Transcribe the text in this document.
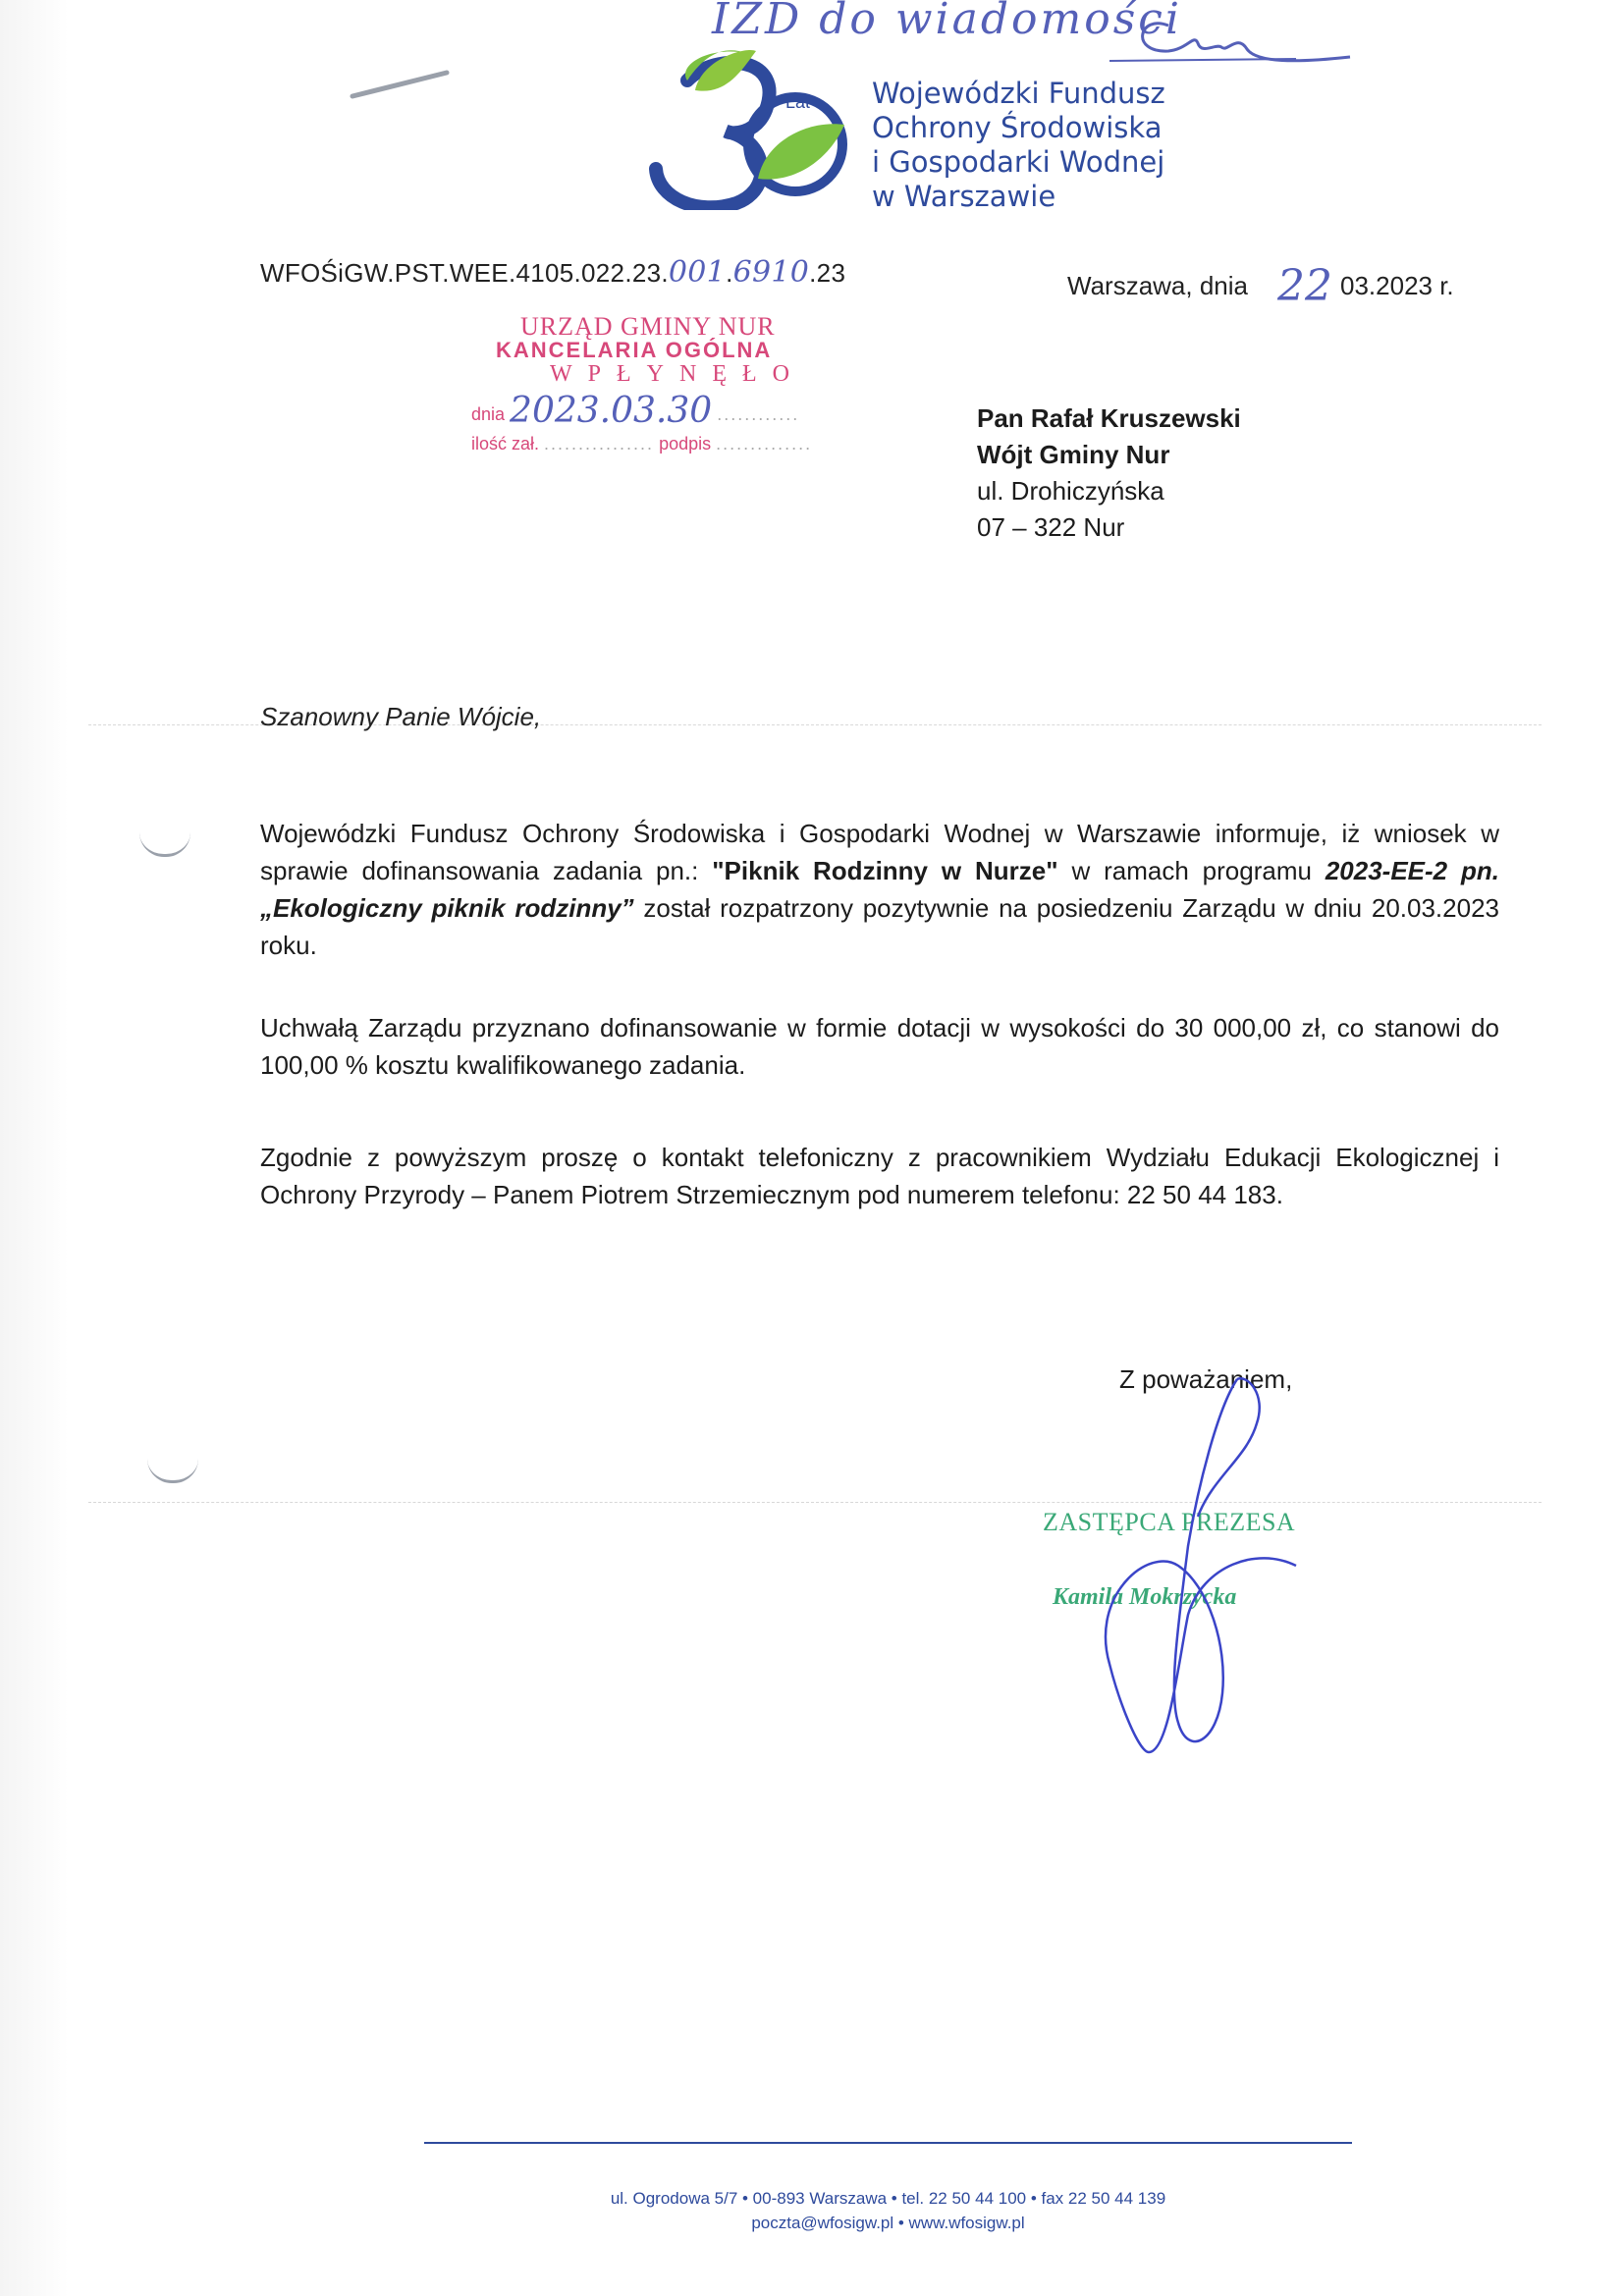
IZD do wiadomości
Lat Wojewódzki Fundusz
Ochrony Środowiska
i Gospodarki Wodnej
w Warszawie
WFOŚiGW.PST.WEE.4105.022.23.001.6910.23	Warszawa, dnia 22 03.2023 r.
URZĄD GMINY NUR
KANCELARIA OGÓLNA
WPŁYNĘŁO
dnia 2023.03.30 ............
ilość zał. ................ podpis ..............
Pan Rafał Kruszewski
Wójt Gminy Nur
ul. Drohiczyńska
07 – 322 Nur
Szanowny Panie Wójcie,
Wojewódzki Fundusz Ochrony Środowiska i Gospodarki Wodnej w Warszawie informuje, iż wniosek w sprawie dofinansowania zadania pn.: "Piknik Rodzinny w Nurze" w ramach programu 2023-EE-2 pn. „Ekologiczny piknik rodzinny” został rozpatrzony pozytywnie na posiedzeniu Zarządu w dniu 20.03.2023 roku.
Uchwałą Zarządu przyznano dofinansowanie w formie dotacji w wysokości do 30 000,00 zł, co stanowi do 100,00 % kosztu kwalifikowanego zadania.
Zgodnie z powyższym proszę o kontakt telefoniczny z pracownikiem Wydziału Edukacji Ekologicznej i Ochrony Przyrody – Panem Piotrem Strzemiecznym pod numerem telefonu: 22 50 44 183.
Z poważaniem,
ZASTĘPCA PREZESA
Kamila Mokrzycka
ul. Ogrodowa 5/7 • 00-893 Warszawa • tel. 22 50 44 100 • fax 22 50 44 139
poczta@wfosigw.pl • www.wfosigw.pl
